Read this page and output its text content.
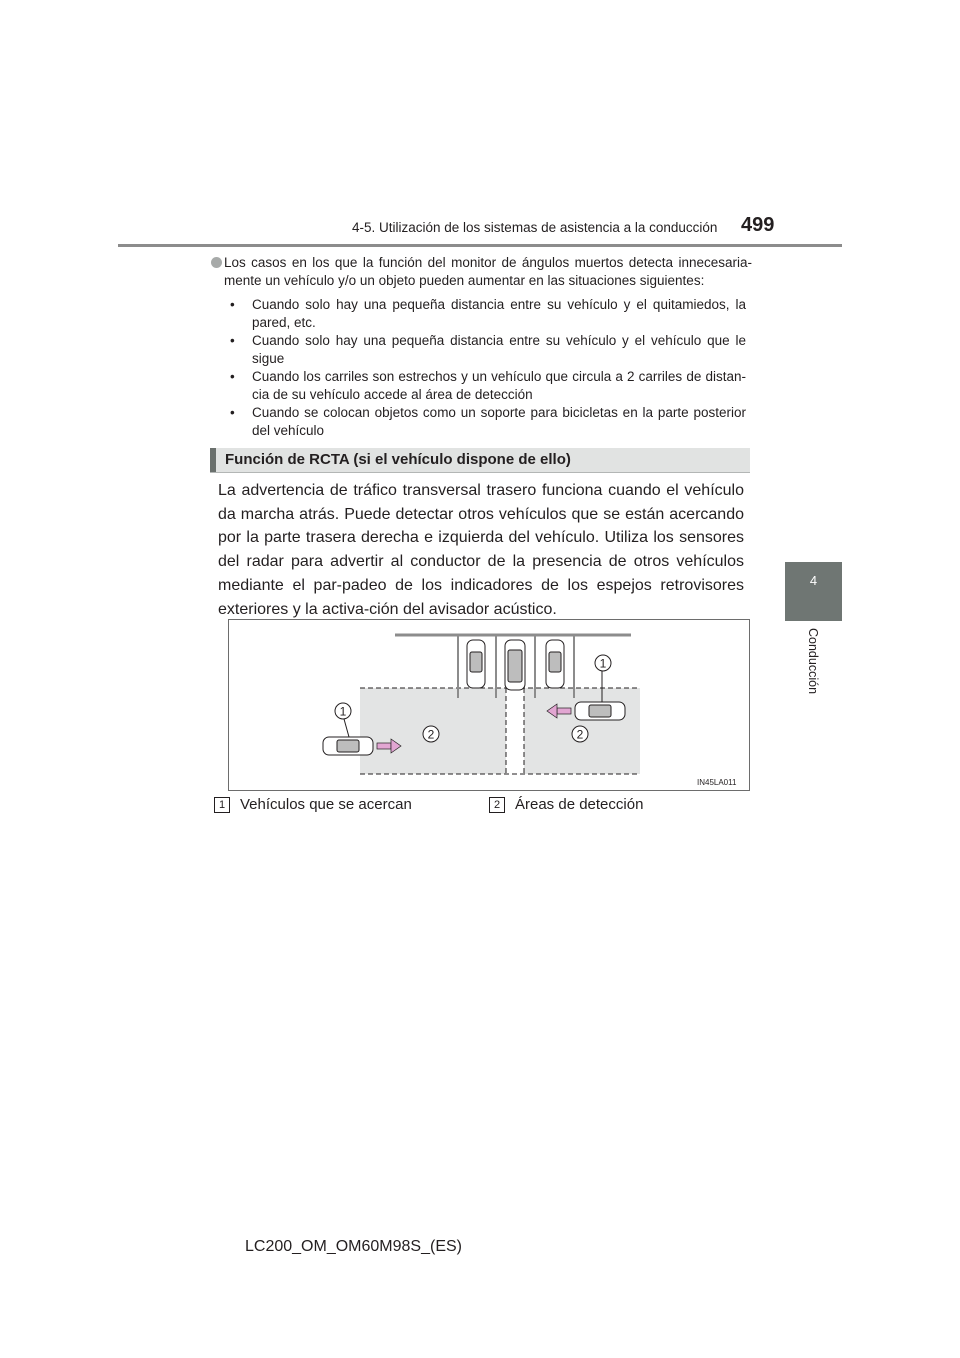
4-5. Utilización de los sistemas de asistencia a la conducción 499
4
Conducción
Los casos en los que la función del monitor de ángulos muertos detecta innecesaria-mente un vehículo y/o un objeto pueden aumentar en las situaciones siguientes:
• Cuando solo hay una pequeña distancia entre su vehículo y el quitamiedos, la pared, etc.
• Cuando solo hay una pequeña distancia entre su vehículo y el vehículo que le sigue
• Cuando los carriles son estrechos y un vehículo que circula a 2 carriles de distan-cia de su vehículo accede al área de detección
• Cuando se colocan objetos como un soporte para bicicletas en la parte posterior del vehículo
Función de RCTA (si el vehículo dispone de ello)
La advertencia de tráfico transversal trasero funciona cuando el vehículo da marcha atrás. Puede detectar otros vehículos que se están acercando por la parte trasera derecha e izquierda del vehículo. Utiliza los sensores del radar para advertir al conductor de la presencia de otros vehículos mediante el par-padeo de los indicadores de los espejos retrovisores exteriores y la activa-ción del avisador acústico.
1
1
2	2
IN45LA011
1 Vehículos que se acercan	2 Áreas de detección
LC200_OM_OM60M98S_(ES)
